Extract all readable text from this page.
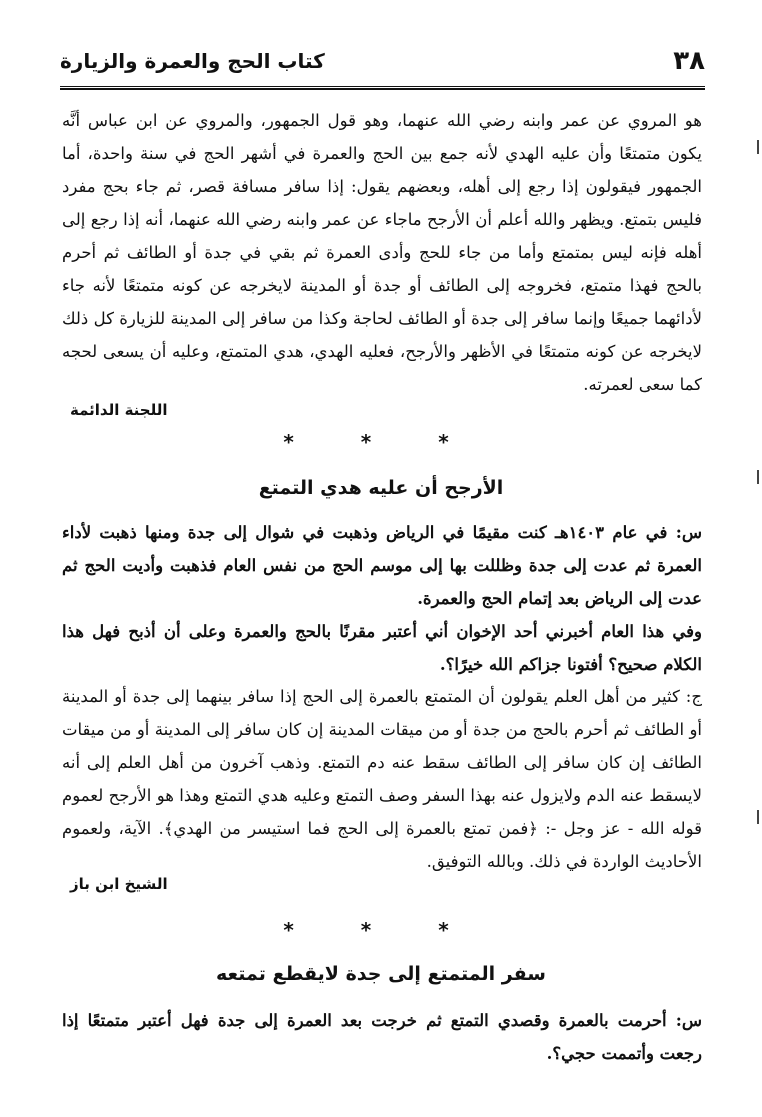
٣٨
كتاب الحج والعمرة والزيارة
هو المروي عن عمر وابنه رضي الله عنهما، وهو قول الجمهور، والمروي عن ابن عباس أنَّه يكون متمتعًا وأن عليه الهدي لأنه جمع بين الحج والعمرة في أشهر الحج في سنة واحدة، أما الجمهور فيقولون إذا رجع إلى أهله، وبعضهم يقول: إذا سافر مسافة قصر، ثم جاء بحج مفرد فليس بتمتع. ويظهر والله أعلم أن الأرجح ماجاء عن عمر وابنه رضي الله عنهما، أنه إذا رجع إلى أهله فإنه ليس بمتمتع وأما من جاء للحج وأدى العمرة ثم بقي في جدة أو الطائف ثم أحرم بالحج فهذا متمتع، فخروجه إلى الطائف أو جدة أو المدينة لايخرجه عن كونه متمتعًا لأنه جاء لأدائهما جميعًا وإنما سافر إلى جدة أو الطائف لحاجة وكذا من سافر إلى المدينة للزيارة كل ذلك لايخرجه عن كونه متمتعًا في الأظهر والأرجح، فعليه الهدي، هدي المتمتع، وعليه أن يسعى لحجه كما سعى لعمرته.
اللجنة الدائمة
* * *
الأرجح أن عليه هدي التمتع
س: في عام ١٤٠٣هـ كنت مقيمًا في الرياض وذهبت في شوال إلى جدة ومنها ذهبت لأداء العمرة ثم عدت إلى جدة وظللت بها إلى موسم الحج من نفس العام فذهبت وأديت الحج ثم عدت إلى الرياض بعد إتمام الحج والعمرة.
وفي هذا العام أخبرني أحد الإخوان أني أعتبر مقرنًا بالحج والعمرة وعلى أن أذبح فهل هذا الكلام صحيح؟ أفتونا جزاكم الله خيرًا؟.
ج: كثير من أهل العلم يقولون أن المتمتع بالعمرة إلى الحج إذا سافر بينهما إلى جدة أو المدينة أو الطائف ثم أحرم بالحج من جدة أو من ميقات المدينة إن كان سافر إلى المدينة أو من ميقات الطائف إن كان سافر إلى الطائف سقط عنه دم التمتع. وذهب آخرون من أهل العلم إلى أنه لايسقط عنه الدم ولايزول عنه بهذا السفر وصف التمتع وعليه هدي التمتع وهذا هو الأرجح لعموم قوله الله - عز وجل -: ﴿فمن تمتع بالعمرة إلى الحج فما استيسر من الهدي﴾. الآية، ولعموم الأحاديث الواردة في ذلك. وبالله التوفيق.
الشيخ ابن باز
* * *
سفر المتمتع إلى جدة لايقطع تمتعه
س: أحرمت بالعمرة وقصدي التمتع ثم خرجت بعد العمرة إلى جدة فهل أعتبر متمتعًا إذا رجعت وأتممت حجي؟.
